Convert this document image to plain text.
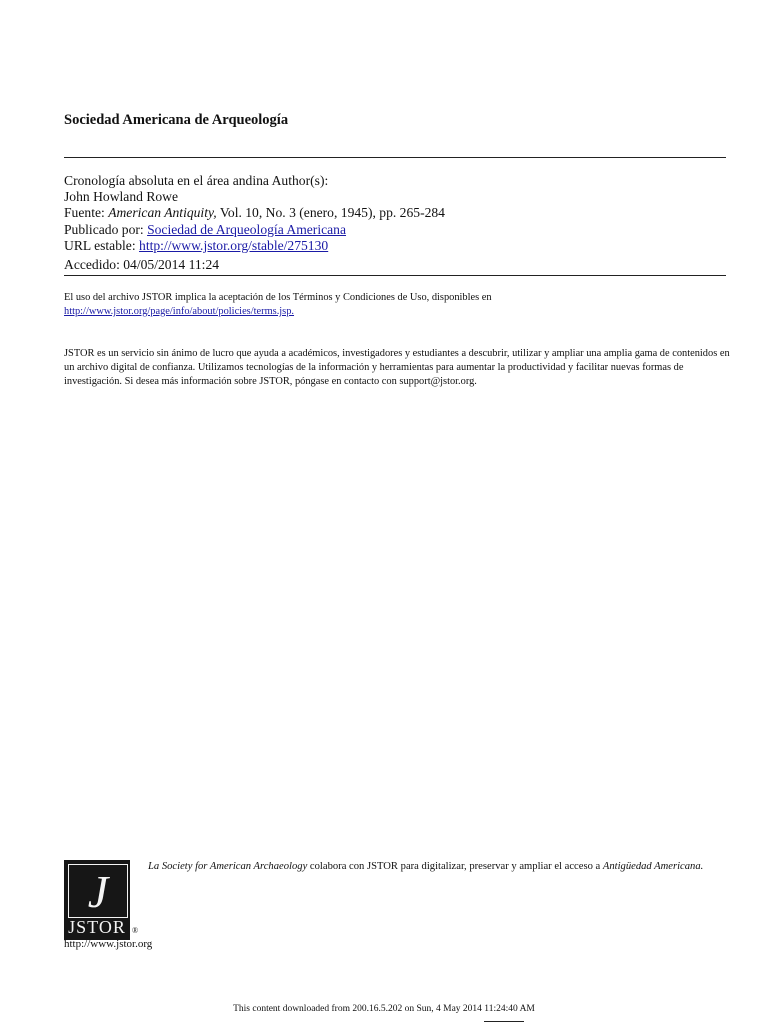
Sociedad Americana de Arqueología
Cronología absoluta en el área andina Author(s):
John Howland Rowe
Fuente: American Antiquity, Vol. 10, No. 3 (enero, 1945), pp. 265-284
Publicado por: Sociedad de Arqueología Americana
URL estable: http://www.jstor.org/stable/275130
Accedido: 04/05/2014 11:24
El uso del archivo JSTOR implica la aceptación de los Términos y Condiciones de Uso, disponibles en
http://www.jstor.org/page/info/about/policies/terms.jsp.
JSTOR es un servicio sin ánimo de lucro que ayuda a académicos, investigadores y estudiantes a descubrir, utilizar y ampliar una amplia gama de contenidos en un archivo digital de confianza. Utilizamos tecnologías de la información y herramientas para aumentar la productividad y facilitar nuevas formas de investigación. Si desea más información sobre JSTOR, póngase en contacto con support@jstor.org.
J
JSTOR ®
http://www.jstor.org
La Society for American Archaeology colabora con JSTOR para digitalizar, preservar y ampliar el acceso a Antigüedad Americana.
This content downloaded from 200.16.5.202 on Sun, 4 May 2014 11:24:40 AM
